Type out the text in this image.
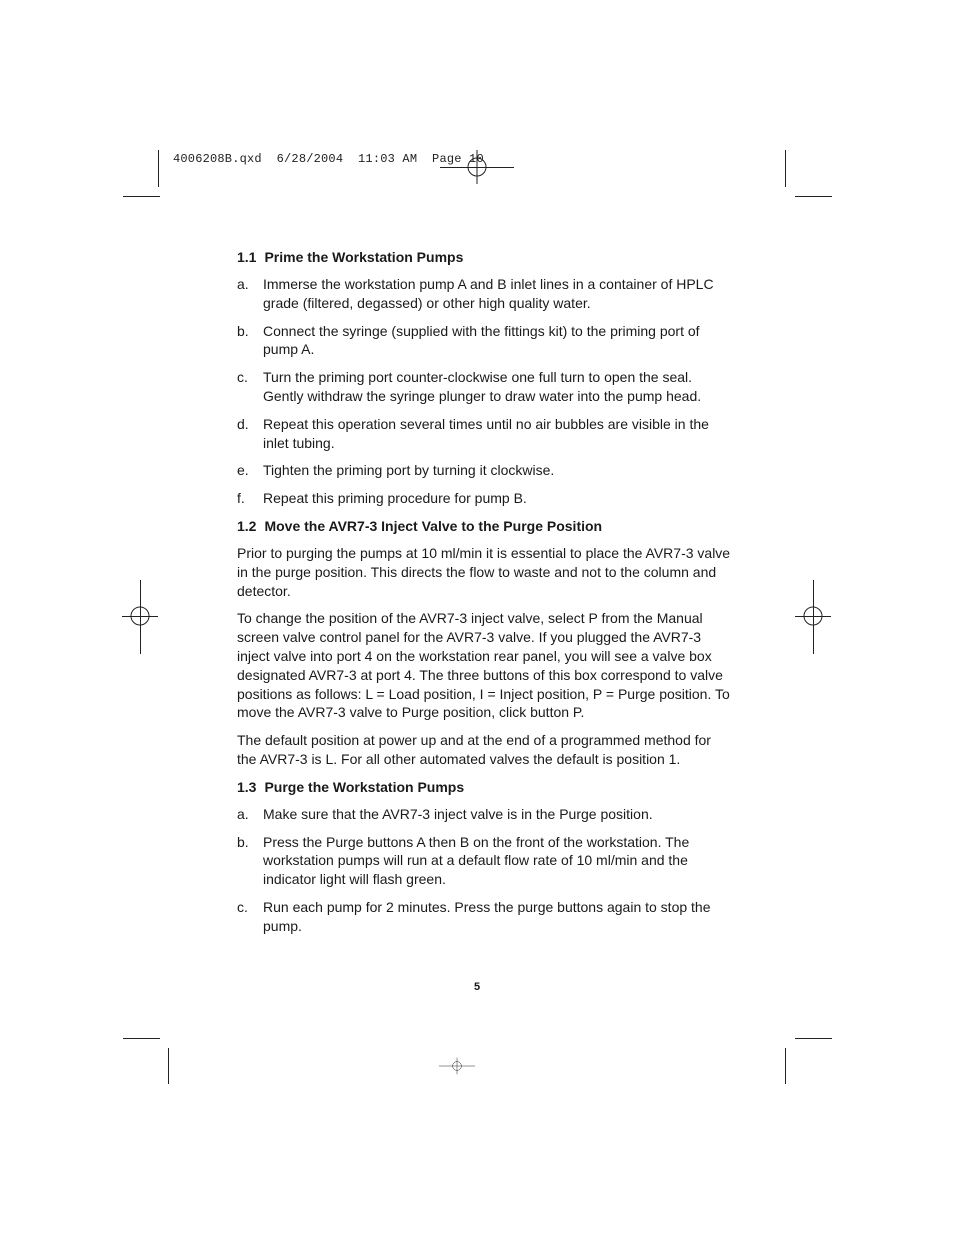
4006208B.qxd  6/28/2004  11:03 AM  Page 10
1.1 Prime the Workstation Pumps
a.	Immerse the workstation pump A and B inlet lines in a container of HPLC grade (filtered, degassed) or other high quality water.
b.	Connect the syringe (supplied with the fittings kit) to the priming port of pump A.
c.	Turn the priming port counter-clockwise one full turn to open the seal. Gently withdraw the syringe plunger to draw water into the pump head.
d.	Repeat this operation several times until no air bubbles are visible in the inlet tubing.
e.	Tighten the priming port by turning it clockwise.
f.	Repeat this priming procedure for pump B.
1.2 Move the AVR7-3 Inject Valve to the Purge Position
Prior to purging the pumps at 10 ml/min it is essential to place the AVR7-3 valve in the purge position. This directs the flow to waste and not to the column and detector.
To change the position of the AVR7-3 inject valve, select P from the Manual screen valve control panel for the AVR7-3 valve. If you plugged the AVR7-3 inject valve into port 4 on the workstation rear panel, you will see a valve box designated AVR7-3 at port 4. The three buttons of this box correspond to valve positions as follows: L = Load position, I = Inject position, P = Purge position. To move the AVR7-3 valve to Purge position, click button P.
The default position at power up and at the end of a programmed method for the AVR7-3 is L. For all other automated valves the default is position 1.
1.3 Purge the Workstation Pumps
a.	Make sure that the AVR7-3 inject valve is in the Purge position.
b.	Press the Purge buttons A then B on the front of the workstation. The workstation pumps will run at a default flow rate of 10 ml/min and the indicator light will flash green.
c.	Run each pump for 2 minutes. Press the purge buttons again to stop the pump.
5
